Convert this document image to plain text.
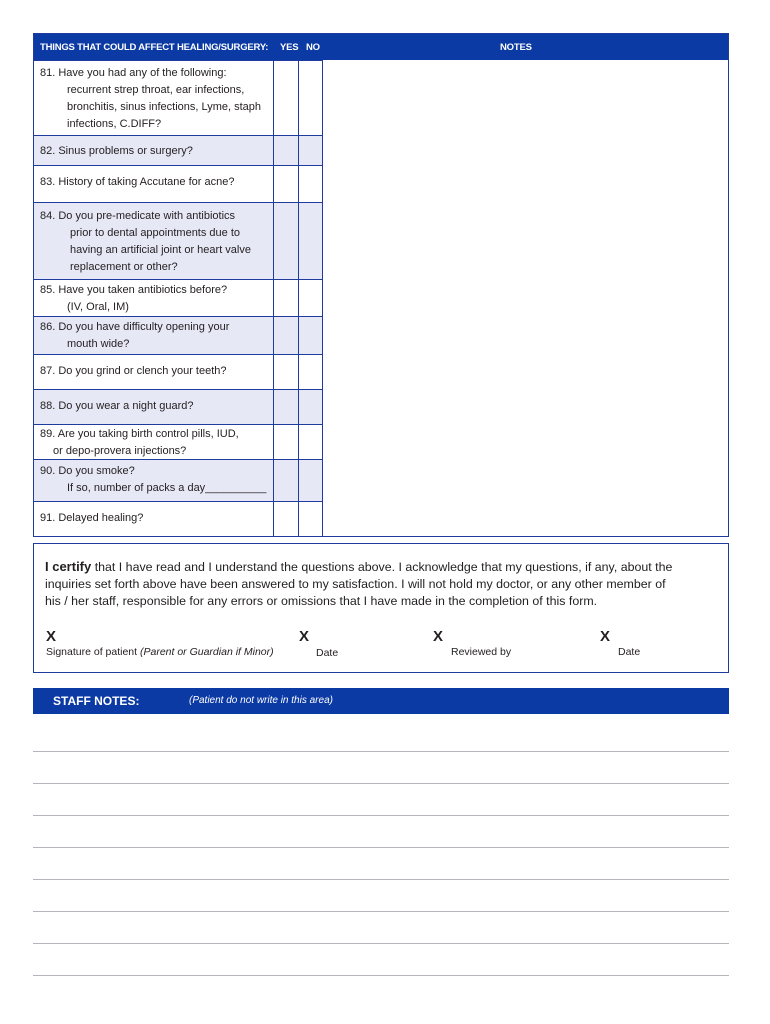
THINGS THAT COULD AFFECT HEALING/SURGERY: YES NO	NOTES
81. Have you had any of the following:
recurrent strep throat, ear infections,
bronchitis, sinus infections, Lyme, staph
infections, C.DIFF?
82. Sinus problems or surgery?
83. History of taking Accutane for acne?
84. Do you pre-medicate with antibiotics
prior to dental appointments due to
having an artificial joint or heart valve
replacement or other?
85. Have you taken antibiotics before?
(IV, Oral, IM)
86. Do you have difficulty opening your
mouth wide?
87. Do you grind or clench your teeth?
88. Do you wear a night guard?
89. Are you taking birth control pills, IUD,
or depo-provera injections?
90. Do you smoke?
If so, number of packs a day__________
91. Delayed healing?
I certify that I have read and I understand the questions above. I acknowledge that my questions, if any, about the
inquiries set forth above have been answered to my satisfaction. I will not hold my doctor, or any other member of
his / her staff, responsible for any errors or omissions that I have made in the completion of this form.
X	X	X	X
Signature of patient (Parent or Guardian if Minor)	Date	Reviewed by	Date
STAFF NOTES:	(Patient do not write in this area)
